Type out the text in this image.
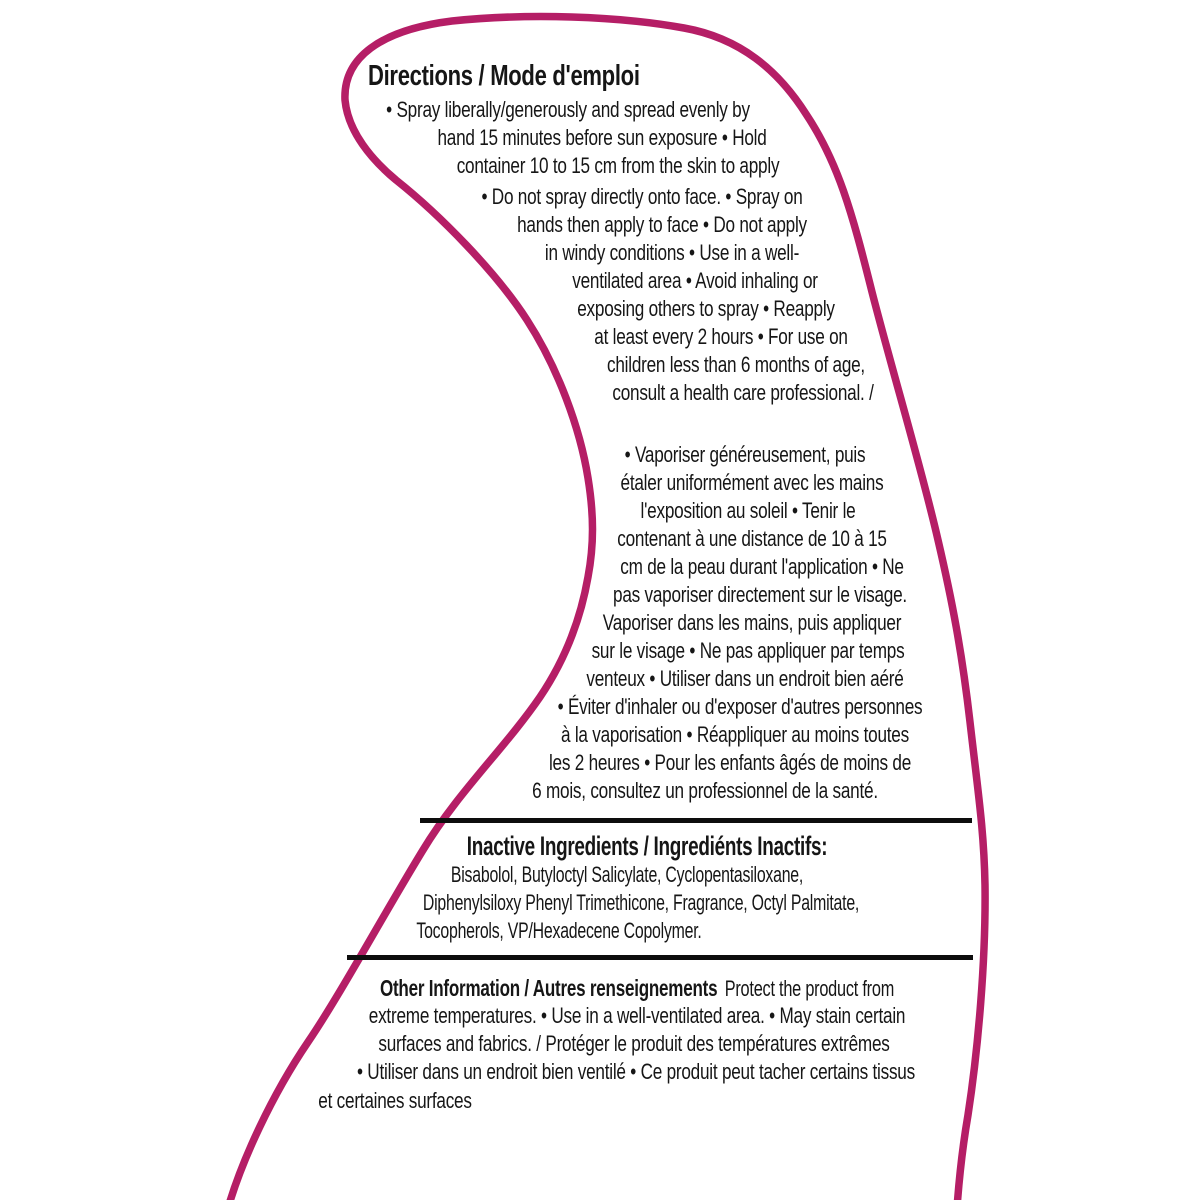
Directions / Mode d'emploi
• Spray liberally/generously and spread evenly by
hand 15 minutes before sun exposure • Hold
container 10 to 15 cm from the skin to apply
• Do not spray directly onto face. • Spray on
hands then apply to face • Do not apply
in windy conditions • Use in a well-
ventilated area • Avoid inhaling or
exposing others to spray • Reapply
at least every 2 hours • For use on
children less than 6 months of age,
consult a health care professional. /
• Vaporiser généreusement, puis
étaler uniformément avec les mains
l'exposition au soleil • Tenir le
contenant à une distance de 10 à 15
cm de la peau durant l'application • Ne
pas vaporiser directement sur le visage.
Vaporiser dans les mains, puis appliquer
sur le visage • Ne pas appliquer par temps
venteux • Utiliser dans un endroit bien aéré
• Éviter d'inhaler ou d'exposer d'autres personnes
à la vaporisation • Réappliquer au moins toutes
les 2 heures • Pour les enfants âgés de moins de
6 mois, consultez un professionnel de la santé.
Inactive Ingredients / Ingrediénts Inactifs:
Bisabolol, Butyloctyl Salicylate, Cyclopentasiloxane,
Diphenylsiloxy Phenyl Trimethicone, Fragrance, Octyl Palmitate,
Tocopherols, VP/Hexadecene Copolymer.
Other Information / Autres renseignements Protect the product from
extreme temperatures. • Use in a well-ventilated area. • May stain certain
surfaces and fabrics. / Protéger le produit des températures extrêmes
• Utiliser dans un endroit bien ventilé • Ce produit peut tacher certains tissus
et certaines surfaces
